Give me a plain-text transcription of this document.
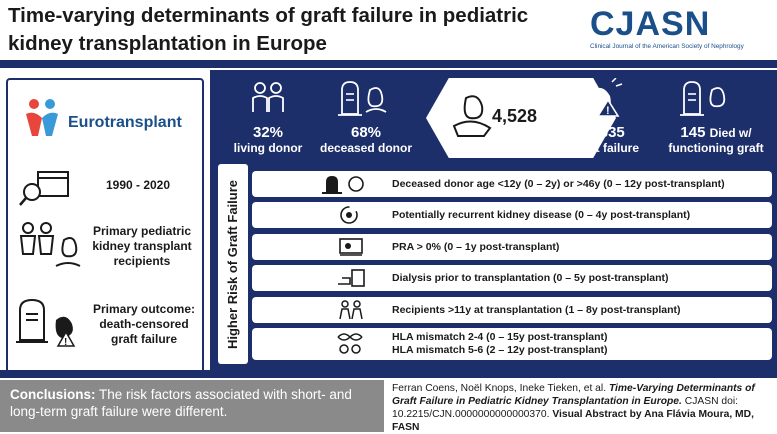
Time-varying determinants of graft failure in pediatric kidney transplantation in Europe
CJASN
Clinical Journal of the American Society of Nephrology
Eurotransplant
1990 - 2020
Primary pediatric kidney transplant recipients
!
Primary outcome: death-censored graft failure
32%
living donor
68%
deceased donor
4,528	!
1,635
graft failure
145 Died w/
functioning graft
Higher Risk of Graft Failure	Deceased donor age <12y (0 – 2y) or >46y (0 – 12y post-transplant)
Potentially recurrent kidney disease (0 – 4y post-transplant)
PRA > 0% (0 – 1y post-transplant)
Dialysis prior to transplantation (0 – 5y post-transplant)
Recipients >11y at transplantation (1 – 8y post-transplant)
HLA mismatch 2-4 (0 – 15y post-transplant)
HLA mismatch 5-6 (2 – 12y post-transplant)
Conclusions: The risk factors associated with short- and long-term graft failure were different.
Ferran Coens, Noël Knops, Ineke Tieken, et al. Time-Varying Determinants of Graft Failure in Pediatric Kidney Transplantation in Europe. CJASN doi: 10.2215/CJN.0000000000000370. Visual Abstract by Ana Flávia Moura, MD, FASN
